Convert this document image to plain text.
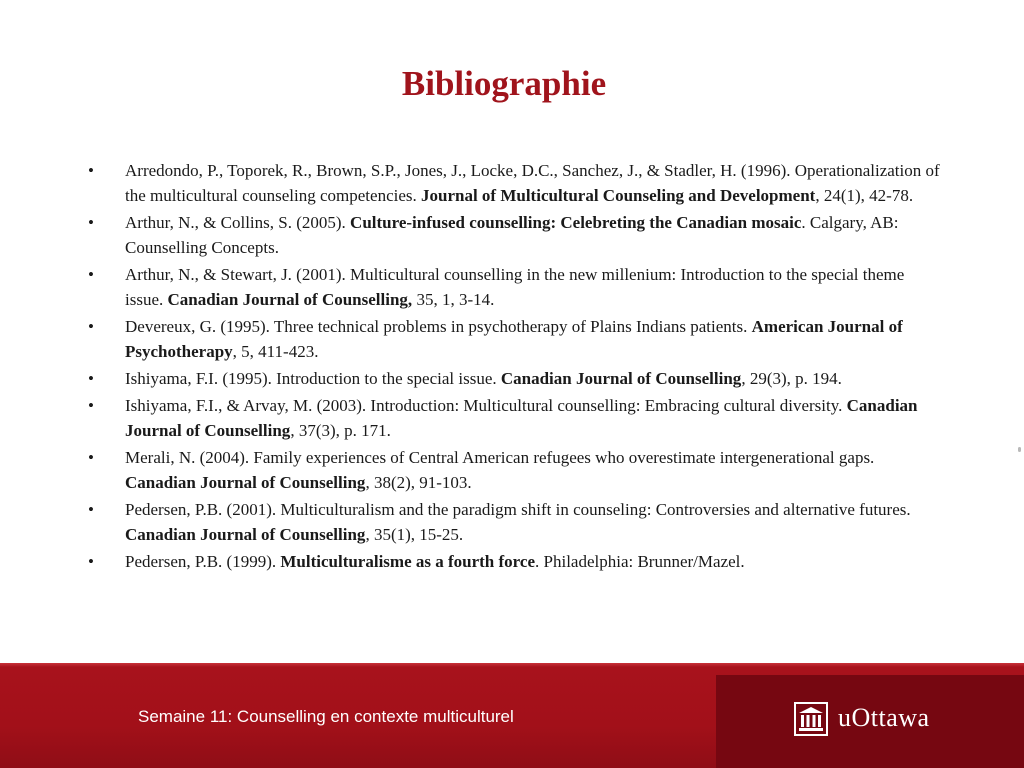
Bibliographie
• Arredondo, P., Toporek, R., Brown, S.P., Jones, J., Locke, D.C., Sanchez, J., & Stadler, H. (1996). Operationalization of the multicultural counseling competencies. Journal of Multicultural Counseling and Development, 24(1), 42-78.
• Arthur, N., & Collins, S. (2005). Culture-infused counselling: Celebreting the Canadian mosaic. Calgary, AB: Counselling Concepts.
• Arthur, N., & Stewart, J. (2001). Multicultural counselling in the new millenium: Introduction to the special theme issue. Canadian Journal of Counselling, 35, 1, 3-14.
• Devereux, G. (1995). Three technical problems in psychotherapy of Plains Indians patients. American Journal of Psychotherapy, 5, 411-423.
• Ishiyama, F.I. (1995). Introduction to the special issue. Canadian Journal of Counselling, 29(3), p. 194.
• Ishiyama, F.I., & Arvay, M. (2003). Introduction: Multicultural counselling: Embracing cultural diversity. Canadian Journal of Counselling, 37(3), p. 171.
• Merali, N. (2004). Family experiences of Central American refugees who overestimate intergenerational gaps. Canadian Journal of Counselling, 38(2), 91-103.
• Pedersen, P.B. (2001). Multiculturalism and the paradigm shift in counseling: Controversies and alternative futures. Canadian Journal of Counselling, 35(1), 15-25.
• Pedersen, P.B. (1999). Multiculturalisme as a fourth force. Philadelphia: Brunner/Mazel.
Semaine 11: Counselling en contexte multiculturel	uOttawa
